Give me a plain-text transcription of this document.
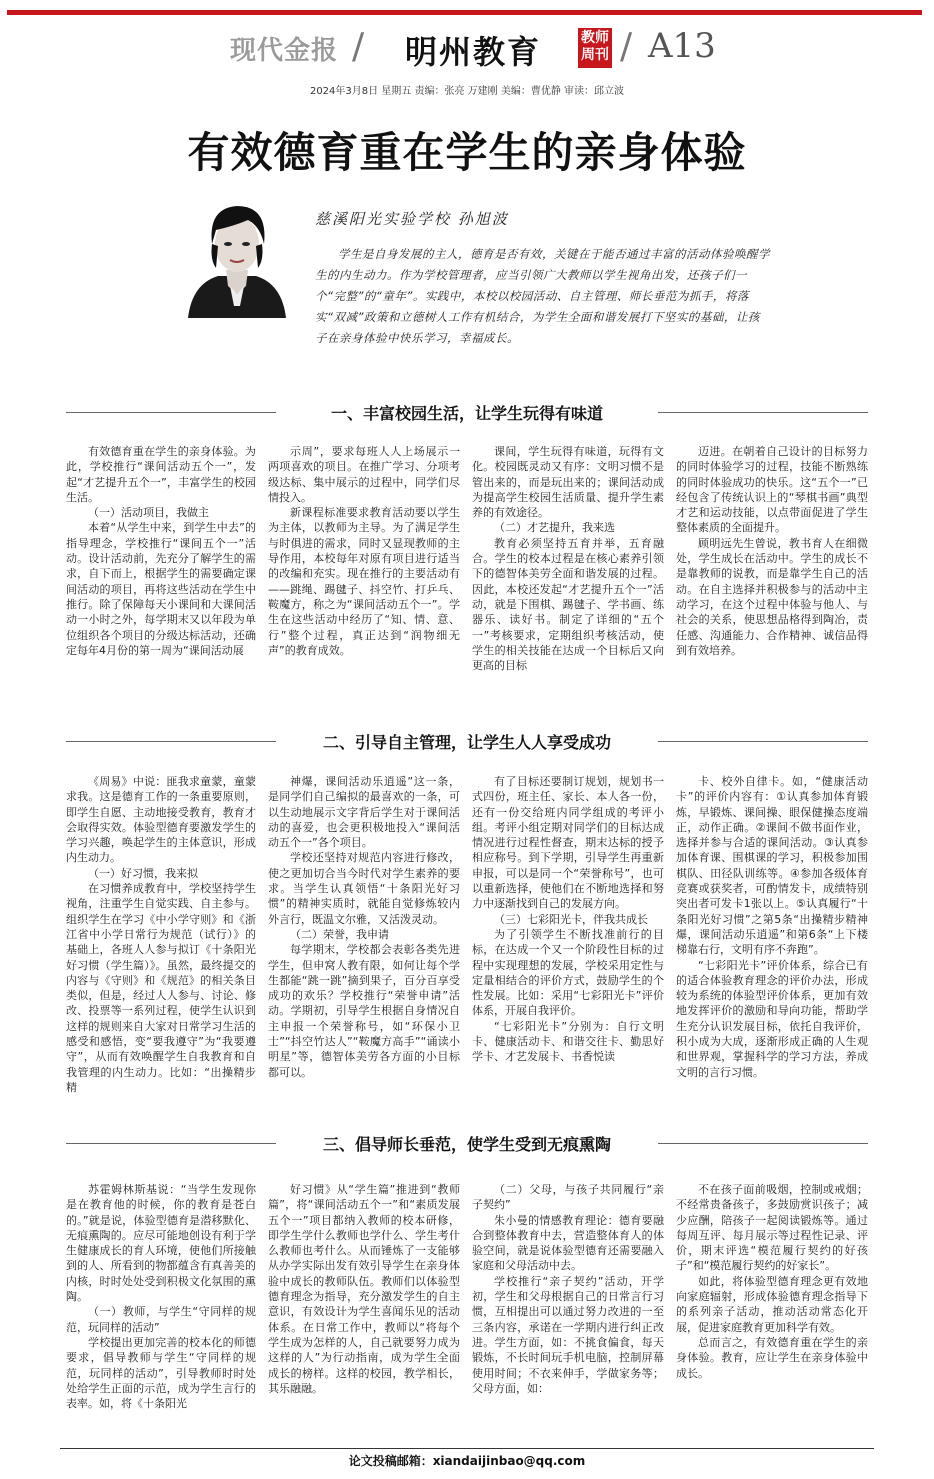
现代金报 / 明州教育	教师
周刊 / A13
2024年3月8日 星期五 责编：张亮 万建刚 美编：曹优静 审读：邱立波
有效德育重在学生的亲身体验
慈溪阳光实验学校 孙旭波
学生是自身发展的主人，德育是否有效，关键在于能否通过丰富的活动体验唤醒学生的内生动力。作为学校管理者，应当引领广大教师以学生视角出发，还孩子们一个“完整”的“童年”。实践中，本校以校园活动、自主管理、师长垂范为抓手，将落实“双减”政策和立德树人工作有机结合，为学生全面和谐发展打下坚实的基础，让孩子在亲身体验中快乐学习，幸福成长。
一、丰富校园生活，让学生玩得有味道

有效德育重在学生的亲身体验。为此，学校推行“课间活动五个一”，发起“才艺提升五个一”，丰富学生的校园生活。

（一）活动项目，我做主

本着“从学生中来，到学生中去”的指导理念，学校推行“课间五个一”活动。设计活动前，先充分了解学生的需求，自下而上，根据学生的需要确定课间活动的项目，再将这些活动在学生中推行。除了保障每天小课间和大课间活动一小时之外，每学期末又以年段为单位组织各个项目的分级达标活动，还确定每年4月份的第一周为“课间活动展

示周”，要求每班人人上场展示一两项喜欢的项目。在推广学习、分项考级达标、集中展示的过程中，同学们尽情投入。

新课程标准要求教育活动要以学生为主体，以教师为主导。为了满足学生与时俱进的需求，同时又显现教师的主导作用，本校每年对原有项目进行适当的改编和充实。现在推行的主要活动有——跳绳、踢毽子、抖空竹、打乒乓、鞍魔方，称之为“课间活动五个一”。学生在这些活动中经历了“知、情、意、行”整个过程，真正达到“润物细无声”的教育成效。

课间，学生玩得有味道，玩得有文化。校园既灵动又有序：文明习惯不是管出来的，而是玩出来的；课间活动成为提高学生校园生活质量、提升学生素养的有效途径。

（二）才艺提升，我来选

教育必须坚持五育并举，五育融合。学生的校本过程是在核心素养引领下的德智体美劳全面和谐发展的过程。因此，本校还发起“才艺提升五个一”活动，就是下围棋、踢毽子、学书画、练器乐、读好书。制定了详细的“五个一”考核要求，定期组织考核活动，使学生的相关技能在达成一个目标后又向更高的目标

迈进。在朝着自己设计的目标努力的同时体验学习的过程，技能不断熟练的同时体验成功的快乐。这“五个一”已经包含了传统认识上的“琴棋书画”典型才艺和运动技能，以点带面促进了学生整体素质的全面提升。

顾明远先生曾说，教书育人在细微处，学生成长在活动中。学生的成长不是靠教师的说教，而是靠学生自己的活动。在自主选择并积极参与的活动中主动学习，在这个过程中体验与他人、与社会的关系，使思想品格得到陶冶，责任感、沟通能力、合作精神、诚信品得到有效培养。

二、引导自主管理，让学生人人享受成功

《周易》中说：匪我求童蒙，童蒙求我。这是德育工作的一条重要原则，即学生自愿、主动地接受教育，教育才会取得实效。体验型德育要激发学生的学习兴趣，唤起学生的主体意识，形成内生动力。

（一）好习惯，我来拟

在习惯养成教育中，学校坚持学生视角，注重学生自觉实践、自主参与。组织学生在学习《中小学守则》和《浙江省中小学日常行为规范（试行）》的基础上，各班人人参与拟订《十条阳光好习惯（学生篇）》。虽然，最终提交的内容与《守则》和《规范》的相关条目类似，但是，经过人人参与、讨论、修改、投票等一系列过程，使学生认识到这样的规则来自大家对日常学习生活的感受和感悟，变“要我遵守”为“我要遵守”，从而有效唤醒学生自我教育和自我管理的内生动力。比如：“出操精步精

神爆，课间活动乐逍遥”这一条，是同学们自己编拟的最喜欢的一条，可以生动地展示文字背后学生对于课间活动的喜爱，也会更积极地投入“课间活动五个一”各个项目。

学校还坚持对规范内容进行修改，使之更加切合当今时代对学生素养的要求。当学生认真领悟“十条阳光好习惯”的精神实质时，就能自觉修炼较内外言行，既温文尔雅，又活泼灵动。

（二）荣誉，我申请

每学期末，学校都会表彰各类先进学生，但申窝人教有限，如何让每个学生都能“跳一跳”摘到果子，百分百享受成功的欢乐？学校推行“荣誉申请”活动。学期初，引导学生根据自身情况自主申报一个荣誉称号，如“环保小卫士”“抖空竹达人”“鞍魔方高手”“诵读小明星”等，德智体美劳各方面的小目标都可以。

有了目标还要制订规划，规划书一式四份，班主任、家长、本人各一份，还有一份交给班内同学组成的考评小组。考评小组定期对同学们的目标达成情况进行过程性督查，期末达标的授予相应称号。到下学期，引导学生再重新申报，可以是同一个“荣誉称号”，也可以重新选择，使他们在不断地选择和努力中逐渐找到自己的发展方向。

（三）七彩阳光卡，伴我共成长

为了引领学生不断找准前行的目标，在达成一个又一个阶段性目标的过程中实现理想的发展，学校采用定性与定量相结合的评价方式，鼓励学生的个性发展。比如：采用“七彩阳光卡”评价体系，开展自我评价。

“七彩阳光卡”分别为：自行文明卡、健康活动卡、和谐交往卡、勤思好学卡、才艺发展卡、书香悦读

卡、校外自律卡。如，“健康活动卡”的评价内容有：①认真参加体育锻炼，早锻炼、课间操、眼保健操态度端正，动作正确。②课间不做书面作业，选择并参与合适的课间活动。③认真参加体育课、围棋课的学习，积极参加围棋队、田径队训练等。④参加各级体育竞赛或获奖者，可酌情发卡，成绩特别突出者可发卡1张以上。⑤认真履行“十条阳光好习惯”之第5条“出操精步精神爆，课间活动乐逍遥”和第6条“上下楼梯靠右行，文明有序不奔跑”。

“七彩阳光卡”评价体系，综合已有的适合体验教育理念的评价办法，形成较为系统的体验型评价体系，更加有效地发挥评价的激励和导向功能，帮助学生充分认识发展目标，依托自我评价，积小成为大成，逐渐形成正确的人生观和世界观，掌握科学的学习方法，养成文明的言行习惯。

三、倡导师长垂范，使学生受到无痕熏陶

苏霍姆林斯基说：“当学生发现你是在教育他的时候，你的教育是苍白的。”就是说，体验型德育是潜移默化、无痕熏陶的。应尽可能地创设有利于学生健康成长的育人环境，使他们所接触到的人、所看到的物都蕴含有真善美的内核，时时处处受到积极文化氛围的熏陶。

（一）教师，与学生“守同样的规范，玩同样的活动”

学校提出更加完善的校本化的师德要求，倡导教师与学生“守同样的规范，玩同样的活动”，引导教师时时处处给学生正面的示范，成为学生言行的表率。如，将《十条阳光

好习惯》从“学生篇”推进到“教师篇”，将“课间活动五个一”和“素质发展五个一”项目都纳入教师的校本研修，即学生学什么教师也学什么、学生考什么教师也考什么。从而锤炼了一支能够从办学实际出发有效引导学生在亲身体验中成长的教师队伍。教师们以体验型德育理念为指导，充分激发学生的自主意识，有效设计为学生喜闻乐见的活动体系。在日常工作中，教师以“将每个学生成为怎样的人，自己就要努力成为这样的人”为行动指南，成为学生全面成长的榜样。这样的校园，教学相长，其乐融融。

（二）父母，与孩子共同履行“亲子契约”

朱小曼的情感教育理论：德育要融合到整体教育中去，营造整体育人的体验空间，就是说体验型德育还需要融入家庭和父母活动中去。

学校推行“亲子契约”活动，开学初，学生和父母根据自己的日常言行习惯，互相提出可以通过努力改进的一至三条内容，承诺在一学期内进行纠正改进。学生方面，如：不挑食偏食，每天锻炼，不长时间玩手机电脑，控制屏幕使用时间；不衣来伸手，学做家务等；父母方面，如：

不在孩子面前吸烟，控制或戒烟；不经常贵备孩子，多鼓励赏识孩子；减少应酬，陪孩子一起阅读锻炼等。通过每周互评、每月展示等过程性记录、评价，期末评选“模范履行契约的好孩子”和“模范履行契约的好家长”。

如此，将体验型德育理念更有效地向家庭辐射，形成体验德育理念指导下的系列亲子活动，推动活动常态化开展，促进家庭教育更加科学有效。

总而言之，有效德育重在学生的亲身体验。教育，应让学生在亲身体验中成长。

论文投稿邮箱：xiandaijinbao@qq.com
